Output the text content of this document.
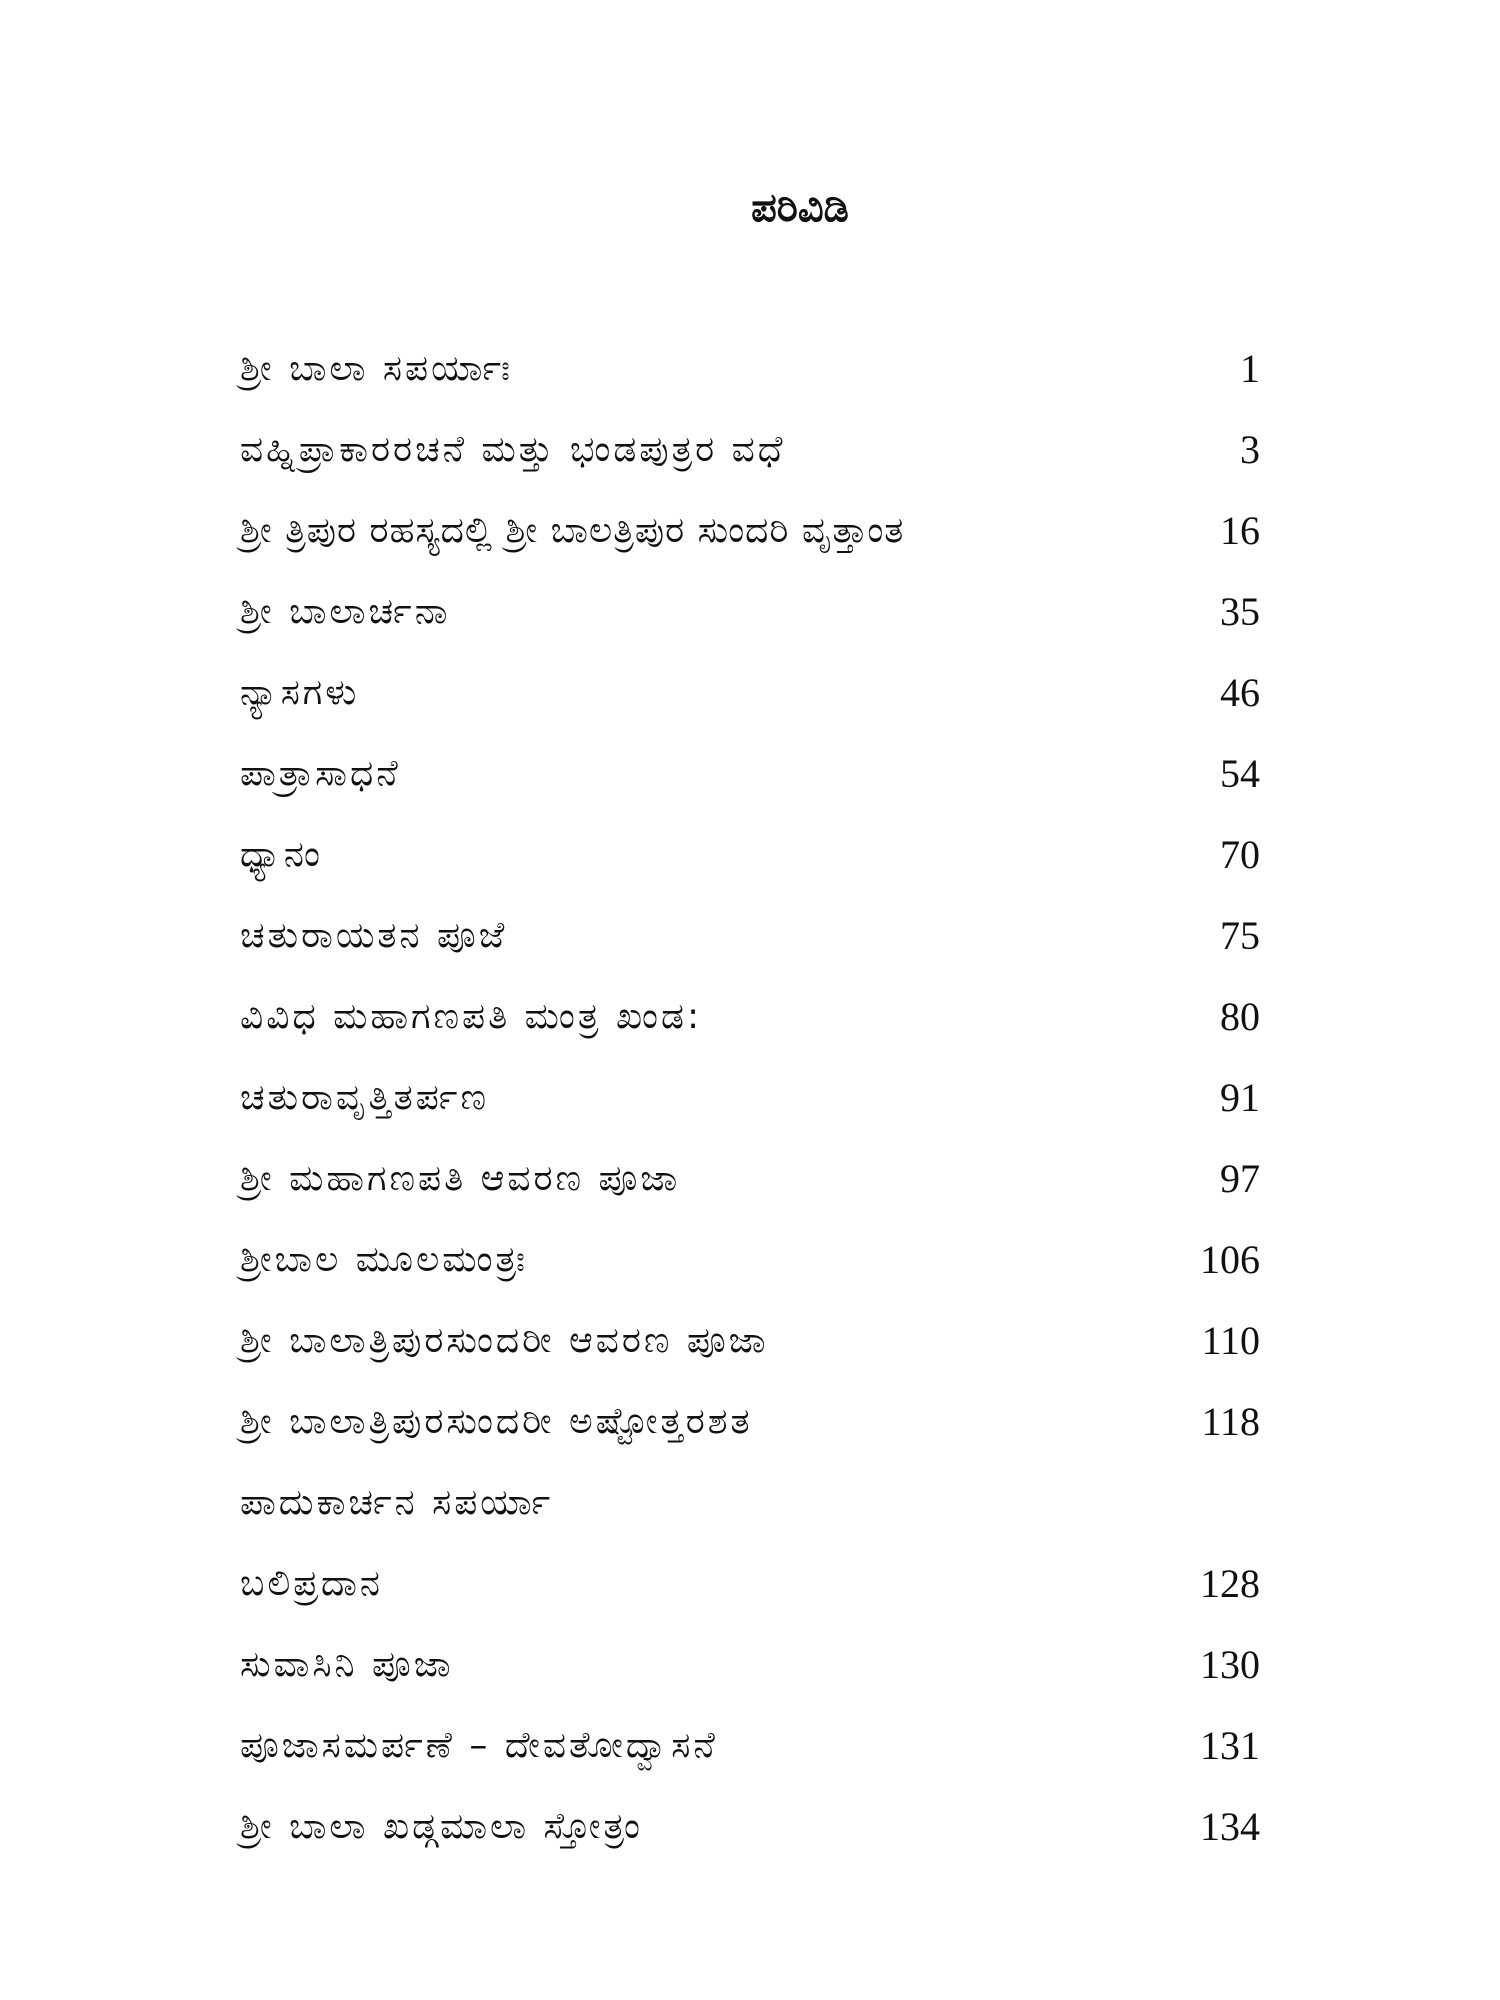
ಪರಿವಿಡಿ
ಶ್ರೀ ಬಾಲಾ ಸಪರ್ಯಾಃ	1
ವಹ್ನಿಪ್ರಾಕಾರರಚನೆ ಮತ್ತು ಭಂಡಪುತ್ರರ ವಧೆ	3
ಶ್ರೀ ತ್ರಿಪುರ ರಹಸ್ಯದಲ್ಲಿ ಶ್ರೀ ಬಾಲತ್ರಿಪುರ ಸುಂದರಿ ವೃತ್ತಾಂತ	16
ಶ್ರೀ ಬಾಲಾರ್ಚನಾ	35
ನ್ಯಾಸಗಳು	46
ಪಾತ್ರಾಸಾಧನೆ	54
ಧ್ಯಾನಂ	70
ಚತುರಾಯತನ ಪೂಜೆ	75
ವಿವಿಧ ಮಹಾಗಣಪತಿ ಮಂತ್ರ ಖಂಡ:	80
ಚತುರಾವೃತ್ತಿತರ್ಪಣ	91
ಶ್ರೀ ಮಹಾಗಣಪತಿ ಆವರಣ ಪೂಜಾ	97
ಶ್ರೀಬಾಲ ಮೂಲಮಂತ್ರಃ	106
ಶ್ರೀ ಬಾಲಾತ್ರಿಪುರಸುಂದರೀ ಆವರಣ ಪೂಜಾ	110
ಶ್ರೀ ಬಾಲಾತ್ರಿಪುರಸುಂದರೀ ಅಷ್ಟೋತ್ತರಶತ	118
ಪಾದುಕಾರ್ಚನ ಸಪರ್ಯಾ
ಬಲಿಪ್ರದಾನ	128
ಸುವಾಸಿನಿ ಪೂಜಾ	130
ಪೂಜಾಸಮರ್ಪಣೆ – ದೇವತೋದ್ವಾಸನೆ	131
ಶ್ರೀ ಬಾಲಾ ಖಡ್ಗಮಾಲಾ ಸ್ತೋತ್ರಂ	134
